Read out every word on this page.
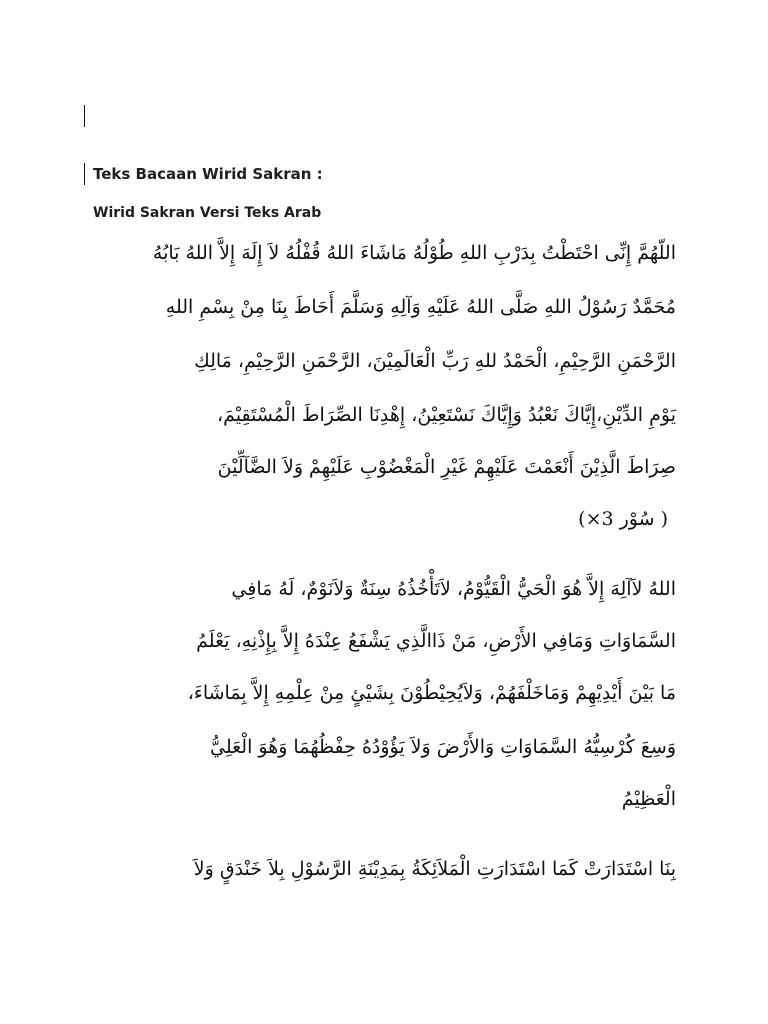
Teks Bacaan Wirid Sakran :
Wirid Sakran Versi Teks Arab
اللّهُمَّ إِنِّى احْتَطْتُ بِدَرْبِ اللهِ طُوْلُهُ مَاشَاءَ اللهُ قُفْلُهُ لاَ إِلَهَ إِلاَّ اللهُ بَابُهُ
مُحَمَّدٌ رَسُوْلُ اللهِ صَلَّى اللهُ عَلَيْهِ وَآلِهِ وَسَلَّمَ أَحَاطَ بِنَا مِنْ بِسْمِ اللهِ
الرَّحْمَنِ الرَّحِيْمِ، الْحَمْدُ للهِ رَبِّ الْعَالَمِيْنَ، الرَّحْمَنِ الرَّحِيْمِ، مَالِكِ
يَوْمِ الدِّيْنِ،إِيَّاكَ نَعْبُدُ وَإِيَّاكَ نَسْتَعِيْنُ، إِهْدِنَا الصِّرَاطَ الْمُسْتَقِيْمَ،
صِرَاطَ الَّذِيْنَ أَنْعَمْتَ عَلَيْهِمْ غَيْرِ الْمَغْضُوْبِ عَلَيْهِمْ وَلاَ الضَّآلِّيْنَ
( سُوْر 3×)
اللهُ لاَآلِهَ إِلاَّ هُوَ الْحَيُّ الْقَيُّوْمُ، لاَتَأْخُذُهُ سِنَةٌ وَلاَنَوْمٌ، لَهُ مَافِي
السَّمَاوَاتِ وَمَافِي الأَرْضِ، مَنْ ذَاالَّذِي يَشْفَعُ عِنْدَهُ إِلاَّ بِإِذْنِهِ، يَعْلَمُ
مَا بَيْنَ أَيْدِيْهِمْ وَمَاخَلْفَهُمْ، وَلاَيُحِيْطُوْنَ بِشَيْئٍ مِنْ عِلْمِهِ إِلاَّ بِمَاشَاءَ،
وَسِعَ كُرْسِيُّهُ السَّمَاوَاتِ وَالأَرْضَ وَلاَ يَؤُوْدُهُ حِفْظُهُمَا وَهُوَ الْعَلِيُّ
الْعَظِيْمُ
بِنَا اسْتَدَارَتْ كَمَا اسْتَدَارَتِ الْمَلاَئِكَةُ بِمَدِيْنَةِ الرَّسُوْلِ بِلاَ خَنْدَقٍ وَلاَ
